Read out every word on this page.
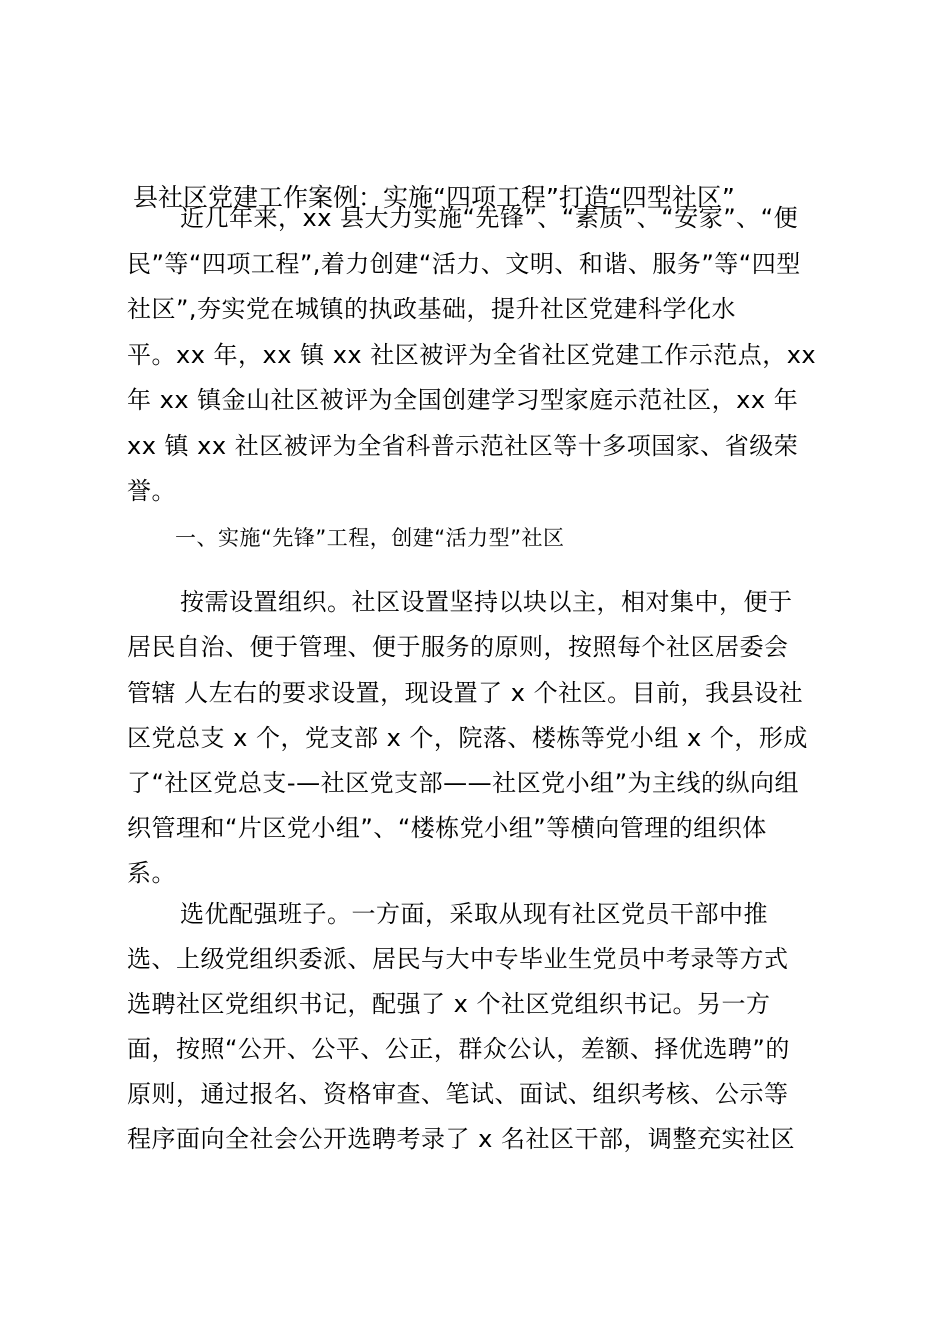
县社区党建工作案例：实施“四项工程”打造“四型社区”
近几年来，xx 县大力实施“先锋”、“素质”、“安家”、“便
民”等“四项工程”,着力创建“活力、文明、和谐、服务”等“四型
社区”,夯实党在城镇的执政基础，提升社区党建科学化水
平。xx 年，xx 镇 xx 社区被评为全省社区党建工作示范点，xx
年 xx 镇金山社区被评为全国创建学习型家庭示范社区，xx 年
xx 镇 xx 社区被评为全省科普示范社区等十多项国家、省级荣
誉。
一、实施“先锋”工程，创建“活力型”社区
按需设置组织。社区设置坚持以块以主，相对集中，便于
居民自治、便于管理、便于服务的原则，按照每个社区居委会
管辖 人左右的要求设置，现设置了 x 个社区。目前，我县设社
区党总支 x 个，党支部 x 个，院落、楼栋等党小组 x 个，形成
了“社区党总支-—社区党支部——社区党小组”为主线的纵向组
织管理和“片区党小组”、“楼栋党小组”等横向管理的组织体
系。
选优配强班子。一方面，采取从现有社区党员干部中推
选、上级党组织委派、居民与大中专毕业生党员中考录等方式
选聘社区党组织书记，配强了 x 个社区党组织书记。另一方
面，按照“公开、公平、公正，群众公认，差额、择优选聘”的
原则，通过报名、资格审查、笔试、面试、组织考核、公示等
程序面向全社会公开选聘考录了 x 名社区干部，调整充实社区
